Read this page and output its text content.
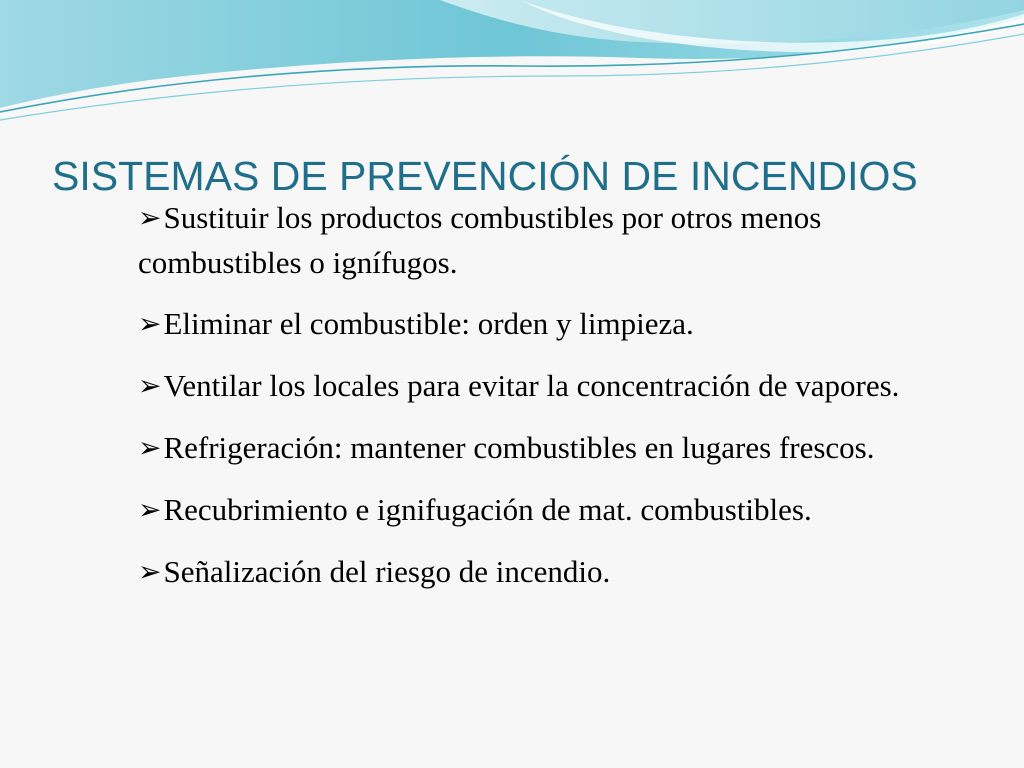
SISTEMAS DE PREVENCIÓN DE INCENDIOS
➢Sustituir los productos combustibles por otros menos combustibles o ignífugos.
➢Eliminar el combustible: orden y limpieza.
➢Ventilar los locales para evitar la concentración de vapores.
➢Refrigeración: mantener combustibles en lugares frescos.
➢Recubrimiento e ignifugación de mat. combustibles.
➢Señalización del riesgo de incendio.
